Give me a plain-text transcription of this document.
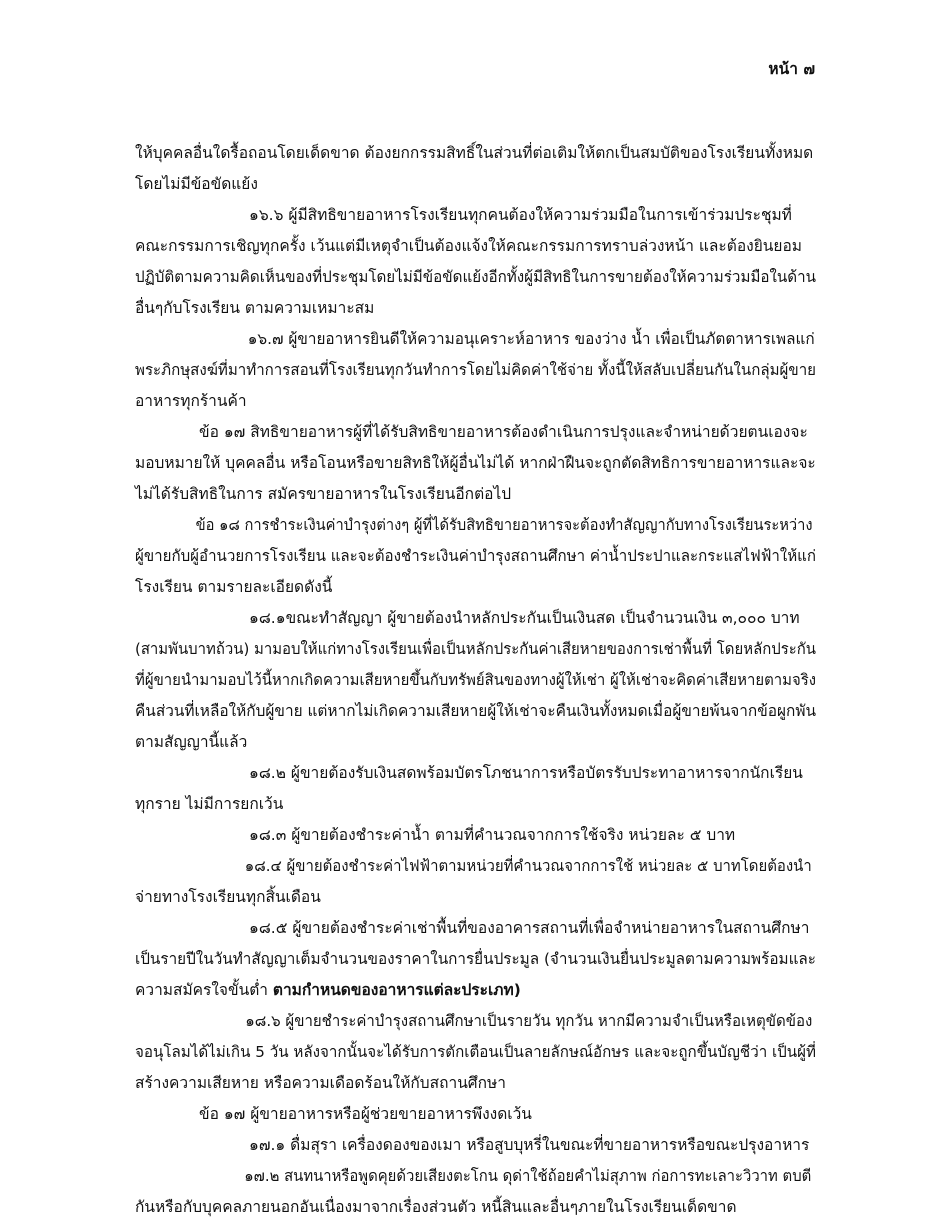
หน้า ๗
ให้บุคคลอื่นใดรื้อถอนโดยเด็ดขาด ต้องยกกรรมสิทธิ์ในส่วนที่ต่อเติมให้ตกเป็นสมบัติของโรงเรียนทั้งหมด
โดยไม่มีข้อขัดแย้ง
๑๖.๖ ผู้มีสิทธิขายอาหารโรงเรียนทุกคนต้องให้ความร่วมมือในการเข้าร่วมประชุมที่
คณะกรรมการเชิญทุกครั้ง เว้นแต่มีเหตุจำเป็นต้องแจ้งให้คณะกรรมการทราบล่วงหน้า และต้องยินยอม
ปฏิบัติตามความคิดเห็นของที่ประชุมโดยไม่มีข้อขัดแย้งอีกทั้งผู้มีสิทธิในการขายต้องให้ความร่วมมือในด้าน
อื่นๆกับโรงเรียน ตามความเหมาะสม
๑๖.๗ ผู้ขายอาหารยินดีให้ความอนุเคราะห์อาหาร ของว่าง น้ำ เพื่อเป็นภัตตาหารเพลแก่
พระภิกษุสงฆ์ที่มาทำการสอนที่โรงเรียนทุกวันทำการโดยไม่คิดค่าใช้จ่าย ทั้งนี้ให้สลับเปลี่ยนกันในกลุ่มผู้ขาย
อาหารทุกร้านค้า
ข้อ ๑๗ สิทธิขายอาหารผู้ที่ได้รับสิทธิขายอาหารต้องดำเนินการปรุงและจำหน่ายด้วยตนเองจะ
มอบหมายให้ บุคคลอื่น หรือโอนหรือขายสิทธิให้ผู้อื่นไม่ได้ หากฝ่าฝืนจะถูกตัดสิทธิการขายอาหารและจะ
ไม่ได้รับสิทธิในการ สมัครขายอาหารในโรงเรียนอีกต่อไป
ข้อ ๑๘ การชำระเงินค่าบำรุงต่างๆ ผู้ที่ได้รับสิทธิขายอาหารจะต้องทำสัญญากับทางโรงเรียนระหว่าง
ผู้ขายกับผู้อำนวยการโรงเรียน และจะต้องชำระเงินค่าบำรุงสถานศึกษา ค่าน้ำประปาและกระแสไฟฟ้าให้แก่
โรงเรียน ตามรายละเอียดดังนี้
๑๘.๑ขณะทำสัญญา ผู้ขายต้องนำหลักประกันเป็นเงินสด เป็นจำนวนเงิน ๓,๐๐๐ บาท
(สามพันบาทถ้วน) มามอบให้แก่ทางโรงเรียนเพื่อเป็นหลักประกันค่าเสียหายของการเช่าพื้นที่ โดยหลักประกัน
ที่ผู้ขายนำมามอบไว้นี้หากเกิดความเสียหายขึ้นกับทรัพย์สินของทางผู้ให้เช่า ผู้ให้เช่าจะคิดค่าเสียหายตามจริง
คืนส่วนที่เหลือให้กับผู้ขาย แต่หากไม่เกิดความเสียหายผู้ให้เช่าจะคืนเงินทั้งหมดเมื่อผู้ขายพ้นจากข้อผูกพัน
ตามสัญญานี้แล้ว
๑๘.๒ ผู้ขายต้องรับเงินสดพร้อมบัตรโภชนาการหรือบัตรรับประทาอาหารจากนักเรียน
ทุกราย ไม่มีการยกเว้น
๑๘.๓ ผู้ขายต้องชำระค่าน้ำ ตามที่คำนวณจากการใช้จริง หน่วยละ ๕ บาท
๑๘.๔ ผู้ขายต้องชำระค่าไฟฟ้าตามหน่วยที่คำนวณจากการใช้ หน่วยละ ๕ บาทโดยต้องนำ
จ่ายทางโรงเรียนทุกสิ้นเดือน
๑๘.๕ ผู้ขายต้องชำระค่าเช่าพื้นที่ของอาคารสถานที่เพื่อจำหน่ายอาหารในสถานศึกษา
เป็นรายปีในวันทำสัญญาเต็มจำนวนของราคาในการยื่นประมูล (จำนวนเงินยื่นประมูลตามความพร้อมและ
ความสมัครใจขั้นต่ำ ตามกำหนดของอาหารแต่ละประเภท)
๑๘.๖ ผู้ขายชำระค่าบำรุงสถานศึกษาเป็นรายวัน ทุกวัน หากมีความจำเป็นหรือเหตุขัดข้อง
จอนุโลมได้ไม่เกิน 5 วัน หลังจากนั้นจะได้รับการตักเตือนเป็นลายลักษณ์อักษร และจะถูกขึ้นบัญชีว่า เป็นผู้ที่
สร้างความเสียหาย หรือความเดือดร้อนให้กับสถานศึกษา
ข้อ ๑๗ ผู้ขายอาหารหรือผู้ช่วยขายอาหารพึงงดเว้น
๑๗.๑ ดื่มสุรา เครื่องดองของเมา หรือสูบบุหรี่ในขณะที่ขายอาหารหรือขณะปรุงอาหาร
๑๗.๒ สนทนาหรือพูดคุยด้วยเสียงตะโกน ดุด่าใช้ถ้อยคำไม่สุภาพ ก่อการทะเลาะวิวาท ตบตี
กันหรือกับบุคคลภายนอกอันเนื่องมาจากเรื่องส่วนตัว หนี้สินและอื่นๆภายในโรงเรียนเด็ดขาด
